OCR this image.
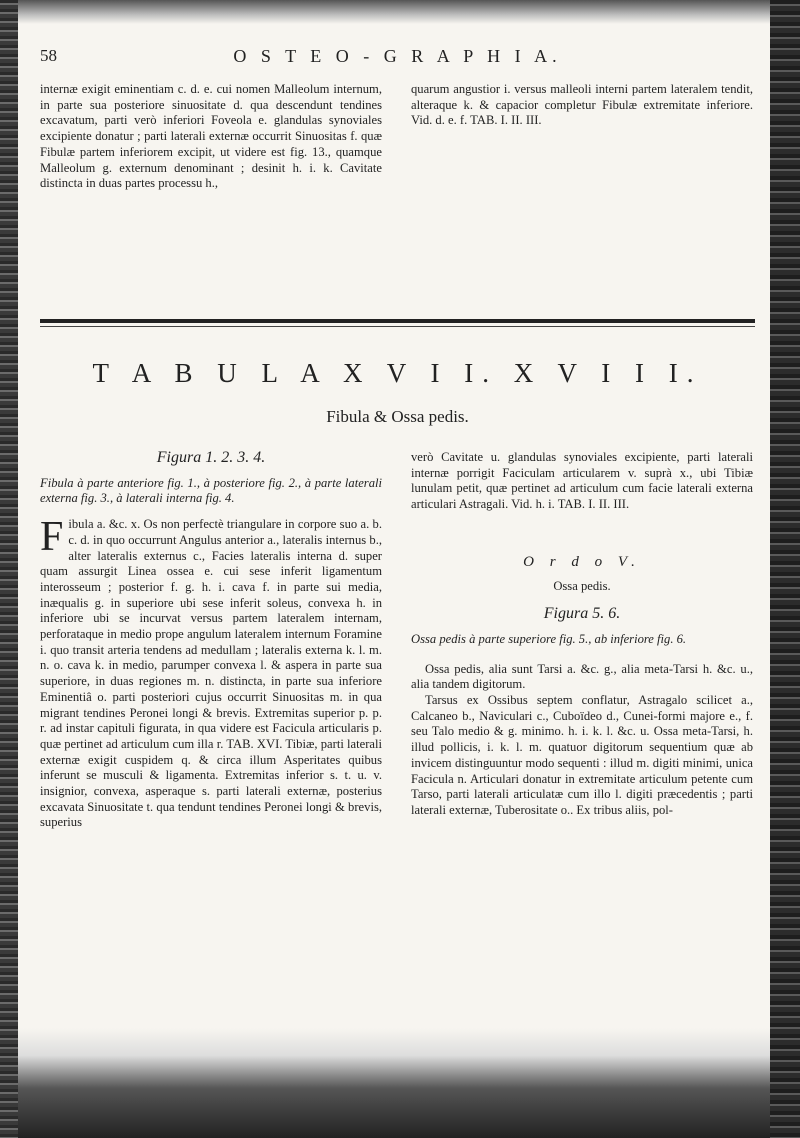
58	O S T E O - G R A P H I A.

internæ exigit eminentiam c. d. e. cui nomen Malleolum internum, in parte sua posteriore sinuositate d. qua descendunt tendines excavatum, parti verò inferiori Foveola e. glandulas synoviales excipiente donatur ; parti laterali externæ occurrit Sinuositas f. quæ Fibulæ partem inferiorem excipit, ut videre est fig. 13., quamque Malleolum g. externum denominant ; desinit h. i. k. Cavitate distincta in duas partes processu h.,

quarum angustior i. versus malleoli interni partem lateralem tendit, alteraque k. & capacior completur Fibulæ extremitate inferiore. Vid. d. e. f. TAB. I. II. III.

T A B U L A X V I I. X V I I I.
Fibula & Ossa pedis.

Figura 1. 2. 3. 4.

Fibula à parte anteriore fig. 1., à posteriore fig. 2., à parte laterali externa fig. 3., à laterali interna fig. 4.

Fibula a. &c. x. Os non perfectè triangulare in corpore suo a. b. c. d. in quo occurrunt Angulus anterior a., lateralis internus b., alter lateralis externus c., Facies lateralis interna d. super quam assurgit Linea ossea e. cui sese inferit ligamentum interosseum ; posterior f. g. h. i. cava f. in parte sui media, inæqualis g. in superiore ubi sese inferit soleus, convexa h. in inferiore ubi se incurvat versus partem lateralem internam, perforataque in medio prope angulum lateralem internum Foramine i. quo transit arteria tendens ad medullam ; lateralis externa k. l. m. n. o. cava k. in medio, parumper convexa l. & aspera in parte sua superiore, in duas regiones m. n. distincta, in parte sua inferiore Eminentiâ o. parti posteriori cujus occurrit Sinuositas m. in qua migrant tendines Peronei longi & brevis. Extremitas superior p. p. r. ad instar capituli figurata, in qua videre est Facicula articularis p. quæ pertinet ad articulum cum illa r. TAB. XVI. Tibiæ, parti laterali externæ exigit cuspidem q. & circa illum Asperitates quibus inferunt se musculi & ligamenta. Extremitas inferior s. t. u. v. insignior, convexa, asperaque s. parti laterali externæ, posterius excavata Sinuositate t. qua tendunt tendines Peronei longi & brevis, superius

verò Cavitate u. glandulas synoviales excipiente, parti laterali internæ porrigit Faciculam articularem v. suprà x., ubi Tibiæ lunulam petit, quæ pertinet ad articulum cum facie laterali externa articulari Astragali. Vid. h. i. TAB. I. II. III.

O r d o V.

Ossa pedis.

Figura 5. 6.

Ossa pedis à parte superiore fig. 5., ab inferiore fig. 6.

Ossa pedis, alia sunt Tarsi a. &c. g., alia meta-Tarsi h. &c. u., alia tandem digitorum.

Tarsus ex Ossibus septem conflatur, Astragalo scilicet a., Calcaneo b., Naviculari c., Cuboïdeo d., Cunei-formi majore e., f. seu Talo medio & g. minimo. h. i. k. l. &c. u. Ossa meta-Tarsi, h. illud pollicis, i. k. l. m. quatuor digitorum sequentium quæ ab invicem distinguuntur modo sequenti : illud m. digiti minimi, unica Facicula n. Articulari donatur in extremitate articulum petente cum Tarso, parti laterali articulatæ cum illo l. digiti præcedentis ; parti laterali externæ, Tuberositate o.. Ex tribus aliis, pol-
